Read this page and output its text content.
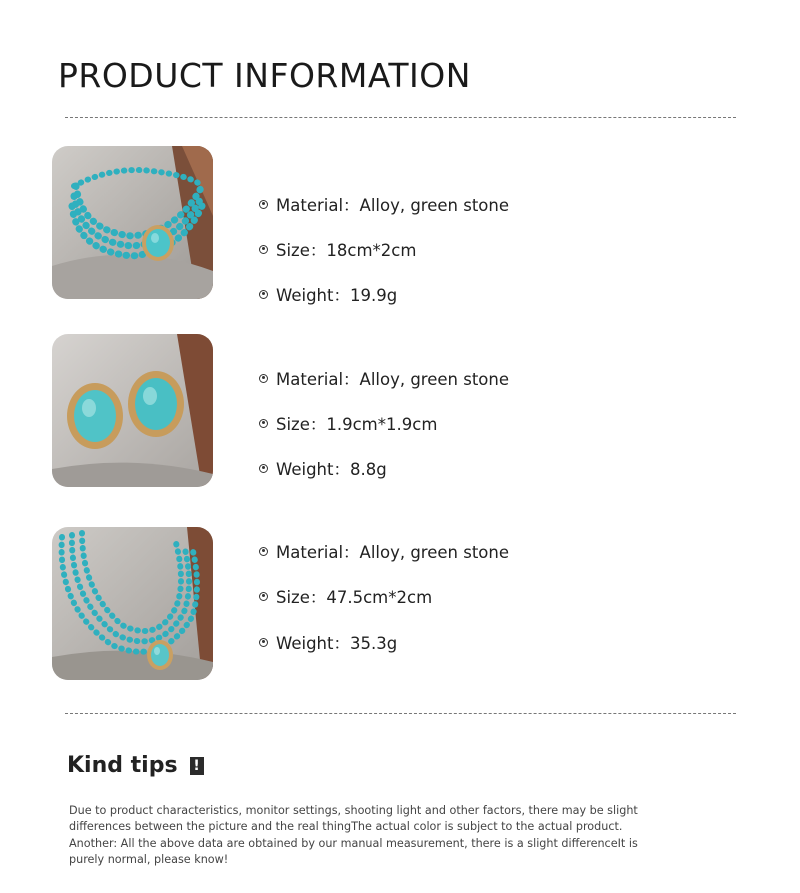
PRODUCT INFORMATION
Material：Alloy, green stone
Size：18cm*2cm
Weight：19.9g
Material：Alloy, green stone
Size：1.9cm*1.9cm
Weight：8.8g
Material：Alloy, green stone
Size：47.5cm*2cm
Weight：35.3g
Kind tips !

Due to product characteristics, monitor settings, shooting light and other factors, there may be slight differences between the picture and the real thingThe actual color is subject to the actual product. Another: All the above data are obtained by our manual measurement, there is a slight differenceIt is purely normal, please know!
